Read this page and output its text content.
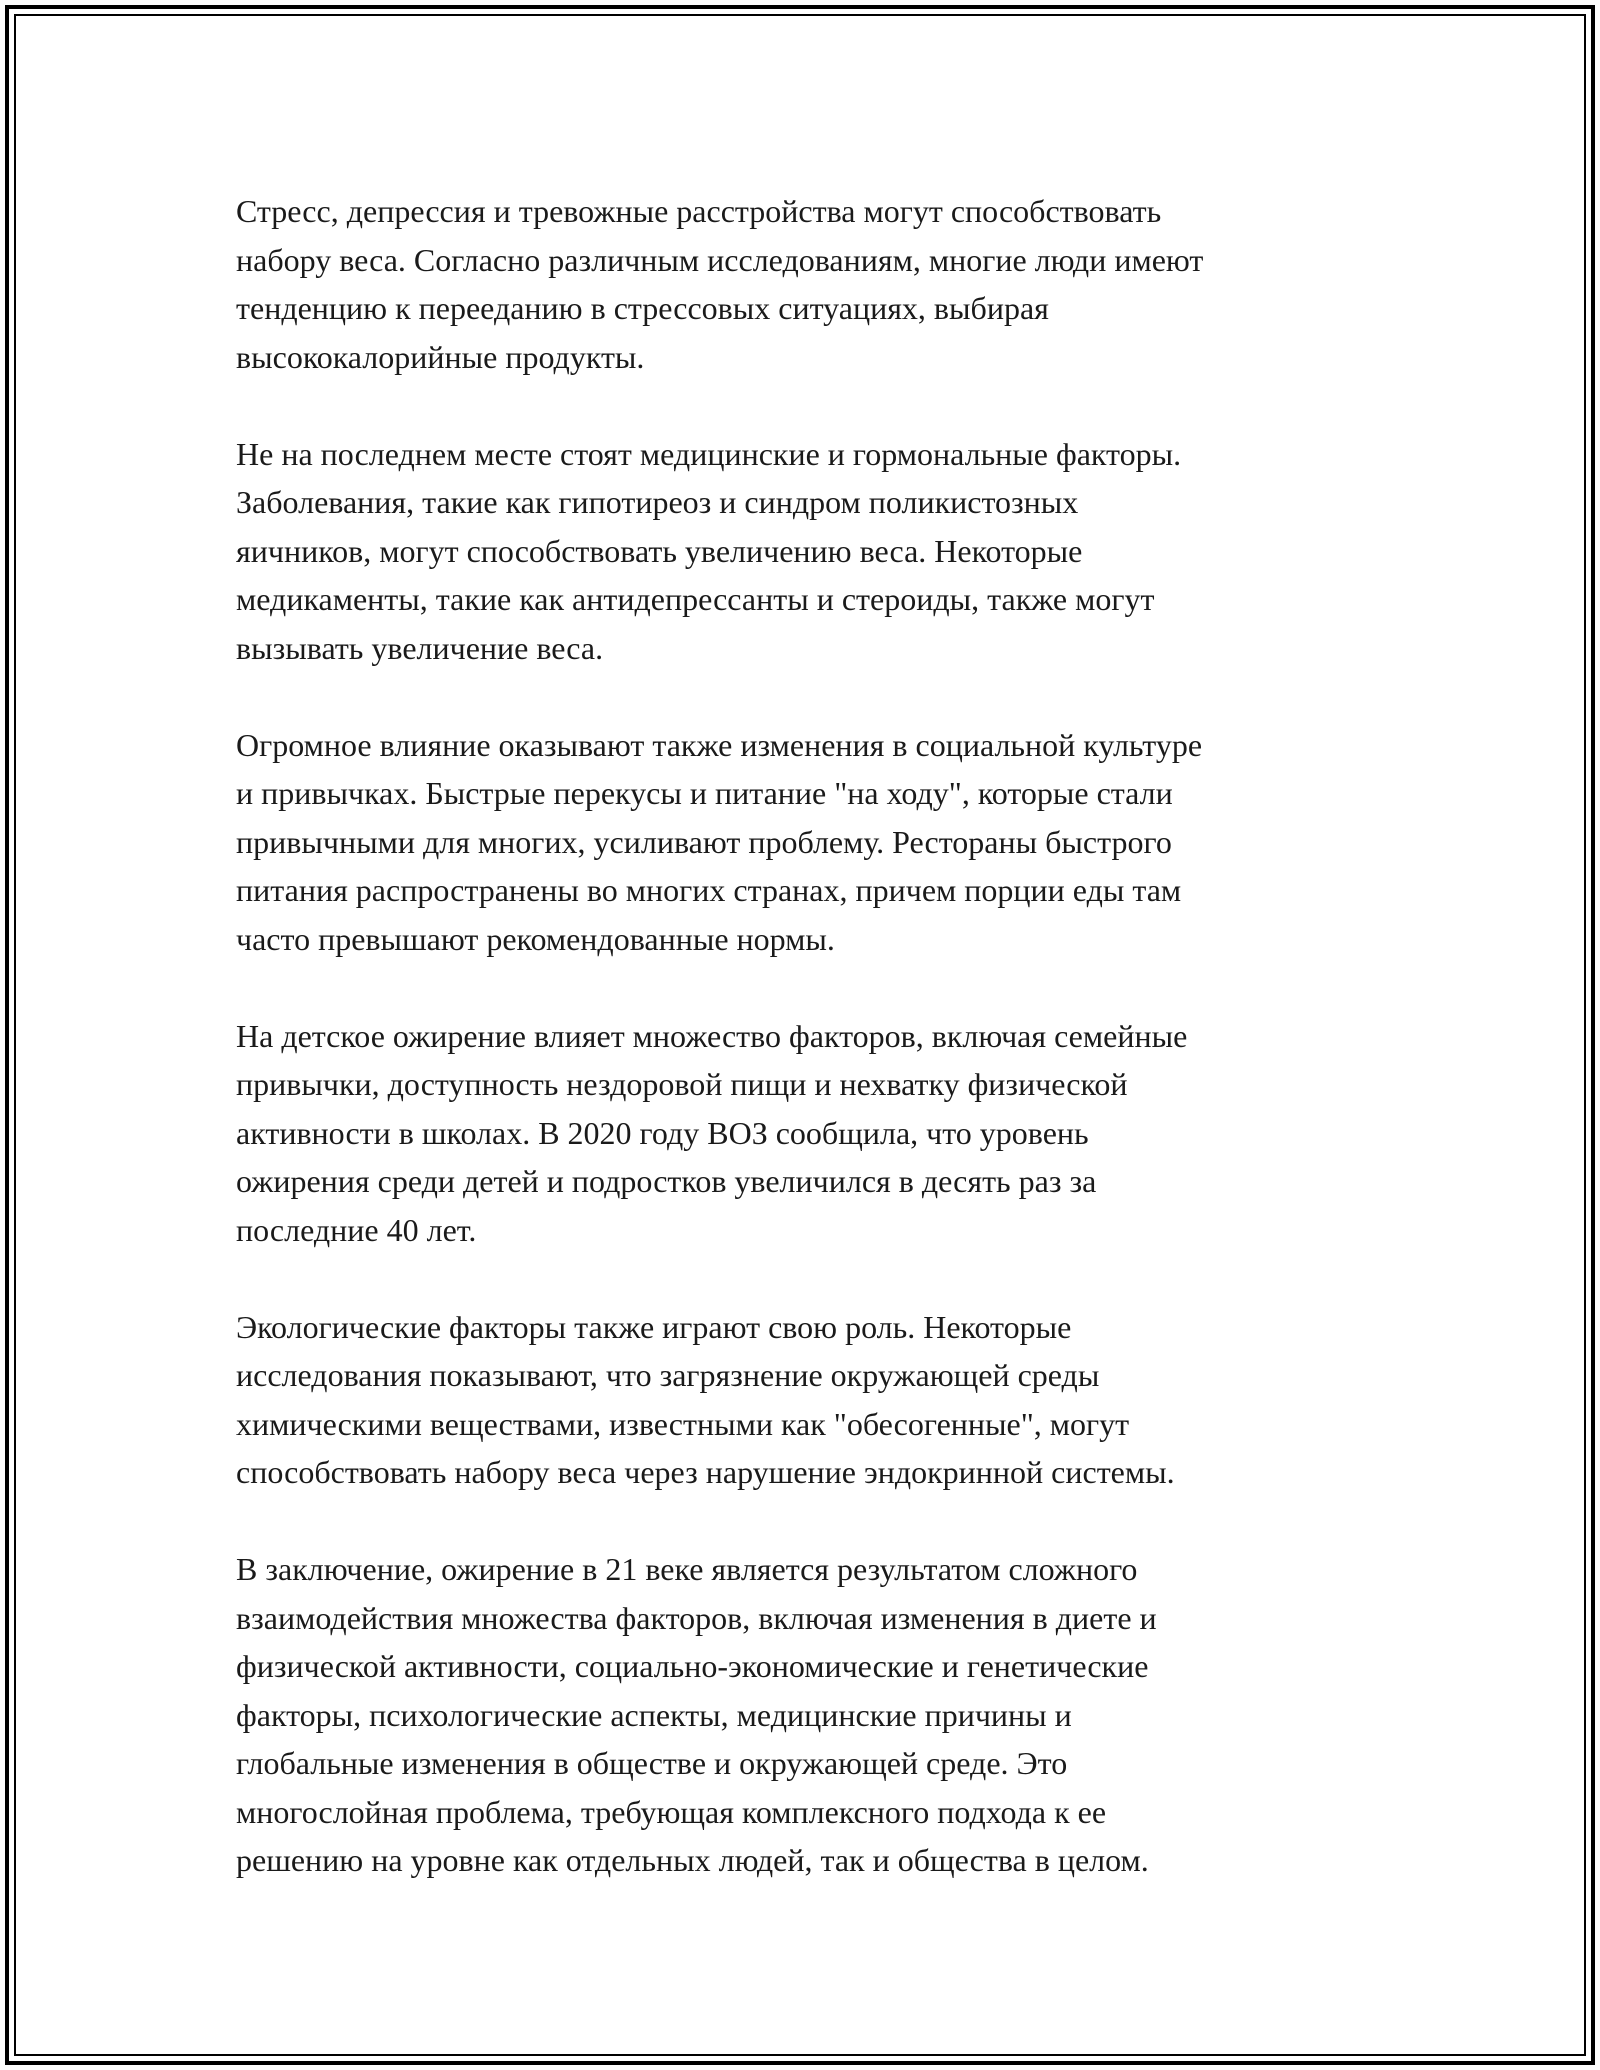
Стресс, депрессия и тревожные расстройства могут способствовать
набору веса. Согласно различным исследованиям, многие люди имеют
тенденцию к перееданию в стрессовых ситуациях, выбирая
высококалорийные продукты.
Не на последнем месте стоят медицинские и гормональные факторы.
Заболевания, такие как гипотиреоз и синдром поликистозных
яичников, могут способствовать увеличению веса. Некоторые
медикаменты, такие как антидепрессанты и стероиды, также могут
вызывать увеличение веса.
Огромное влияние оказывают также изменения в социальной культуре
и привычках. Быстрые перекусы и питание "на ходу", которые стали
привычными для многих, усиливают проблему. Рестораны быстрого
питания распространены во многих странах, причем порции еды там
часто превышают рекомендованные нормы.
На детское ожирение влияет множество факторов, включая семейные
привычки, доступность нездоровой пищи и нехватку физической
активности в школах. В 2020 году ВОЗ сообщила, что уровень
ожирения среди детей и подростков увеличился в десять раз за
последние 40 лет.
Экологические факторы также играют свою роль. Некоторые
исследования показывают, что загрязнение окружающей среды
химическими веществами, известными как "обесогенные", могут
способствовать набору веса через нарушение эндокринной системы.
В заключение, ожирение в 21 веке является результатом сложного
взаимодействия множества факторов, включая изменения в диете и
физической активности, социально-экономические и генетические
факторы, психологические аспекты, медицинские причины и
глобальные изменения в обществе и окружающей среде. Это
многослойная проблема, требующая комплексного подхода к ее
решению на уровне как отдельных людей, так и общества в целом.
